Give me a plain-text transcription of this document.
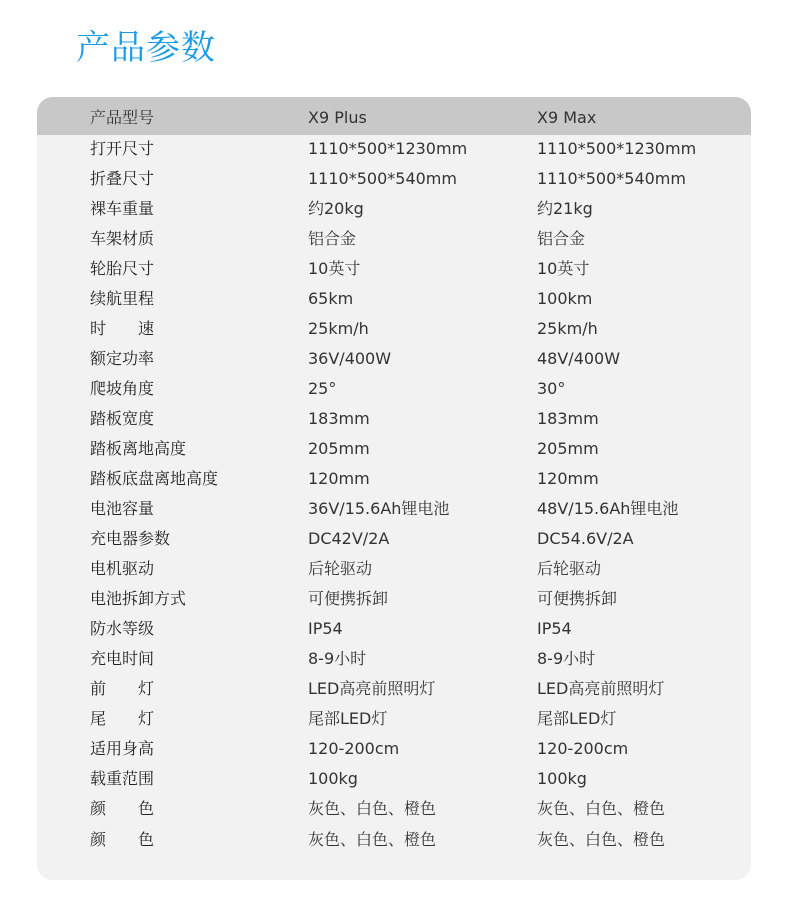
产品参数
产品型号	X9 Plus	X9 Max
打开尺寸	1110*500*1230mm	1110*500*1230mm
折叠尺寸	1110*500*540mm	1110*500*540mm
裸车重量	约20kg	约21kg
车架材质	铝合金	铝合金
轮胎尺寸	10英寸	10英寸
续航里程	65km	100km
时速	25km/h	25km/h
额定功率	36V/400W	48V/400W
爬坡角度	25°	30°
踏板宽度	183mm	183mm
踏板离地高度	205mm	205mm
踏板底盘离地高度	120mm	120mm
电池容量	36V/15.6Ah锂电池	48V/15.6Ah锂电池
充电器参数	DC42V/2A	DC54.6V/2A
电机驱动	后轮驱动	后轮驱动
电池拆卸方式	可便携拆卸	可便携拆卸
防水等级	IP54	IP54
充电时间	8-9小时	8-9小时
前灯	LED高亮前照明灯	LED高亮前照明灯
尾灯	尾部LED灯	尾部LED灯
适用身高	120-200cm	120-200cm
载重范围	100kg	100kg
颜色	灰色、白色、橙色	灰色、白色、橙色
颜色	灰色、白色、橙色	灰色、白色、橙色
